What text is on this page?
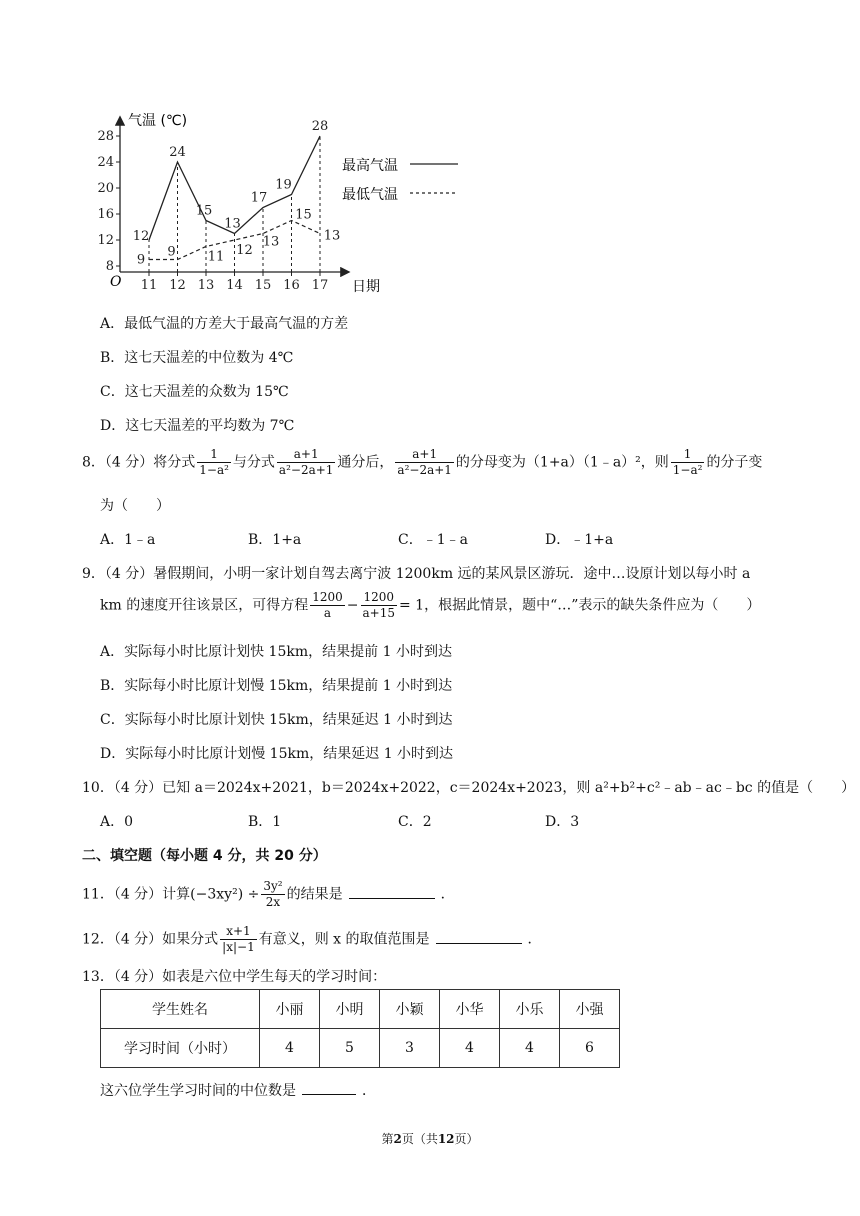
8
12
16
20
24
28
11 12 13 14 15 16 17
12
24
15
13
17
19
28
9
9 11 12
13
15
13
气温 (℃)
日期
O
最高气温
最低气温
A．最低气温的方差大于最高气温的方差
B．这七天温差的中位数为 4℃
C．这七天温差的众数为 15℃
D．这七天温差的平均数为 7℃
8．（4 分）将分式 $\frac{1}{\text{1−a²}}$ 与分式 $\frac{a+1}{\text{a²−2a+1}}$ 通分后， $\frac{a+1}{\text{a²−2a+1}}$ 的分母变为（1+a）（1﹣a）²，则 $\frac{1}{\text{1−a²}}$ 的分子变
为（　　）
A．1﹣a	B．1+a	C．﹣1﹣a	D．﹣1+a
9．（4 分）暑假期间，小明一家计划自驾去离宁波 1200km 远的某风景区游玩．途中…设原计划以每小时 a
km 的速度开往该景区，可得方程 $\frac{1200}{a} - \frac{1200}{a+15} = 1$，根据此情景，题中“…”表示的缺失条件应为（　　）
A．实际每小时比原计划快 15km，结果提前 1 小时到达
B．实际每小时比原计划慢 15km，结果提前 1 小时到达
C．实际每小时比原计划快 15km，结果延迟 1 小时到达
D．实际每小时比原计划慢 15km，结果延迟 1 小时到达
10．（4 分）已知 a＝2024x+2021，b＝2024x+2022，c＝2024x+2023，则 a²+b²+c²﹣ab﹣ac﹣bc 的值是（　　）
A．0	B．1	C．2	D．3
二、填空题（每小题 4 分，共 20 分）
11．（4 分）计算$(-3xy^2) \div \frac{\text{3y²}}{2x}$ 的结果是	．
12．（4 分）如果分式 $\frac{x+1}{|x|-1}$ 有意义，则 x 的取值范围是	．
13．（4 分）如表是六位中学生每天的学习时间：
学生姓名	小丽	小明	小颖	小华	小乐	小强
学习时间（小时）	4	5	3	4	4	6
这六位学生学习时间的中位数是	．
第2页（共12页）
